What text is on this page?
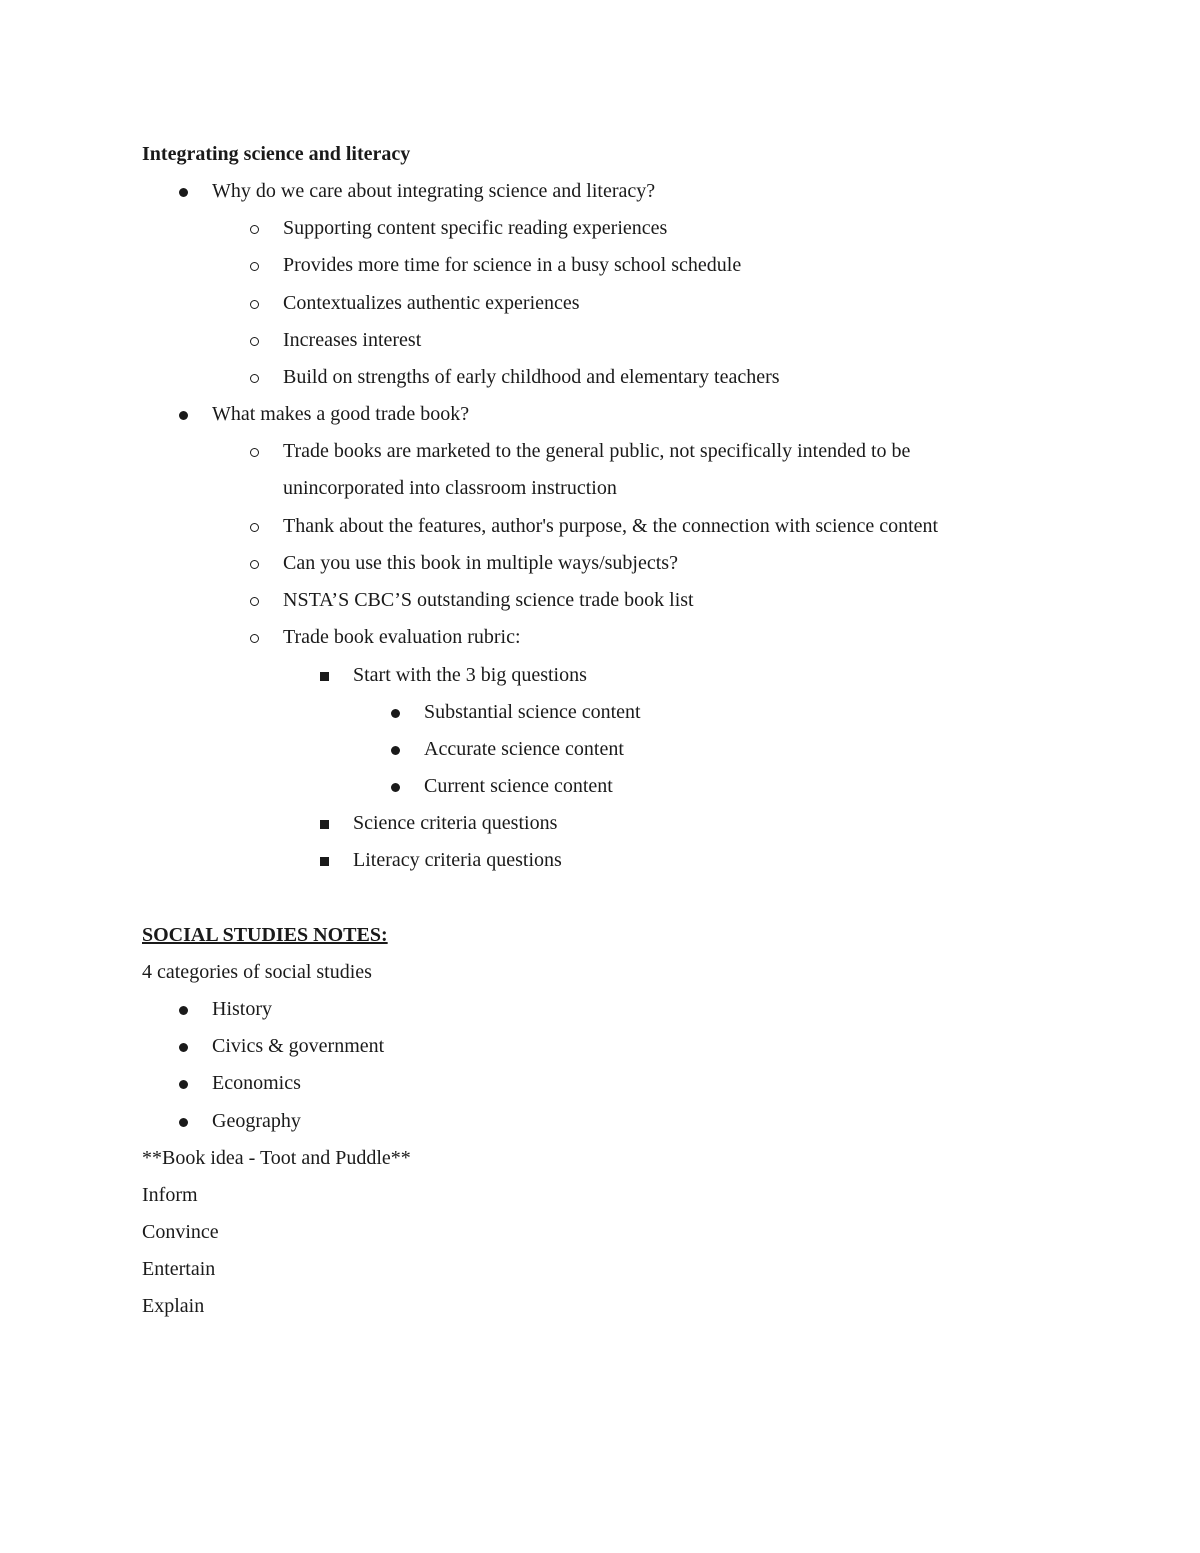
Integrating science and literacy
Why do we care about integrating science and literacy?
Supporting content specific reading experiences
Provides more time for science in a busy school schedule
Contextualizes authentic experiences
Increases interest
Build on strengths of early childhood and elementary teachers
What makes a good trade book?
Trade books are marketed to the general public, not specifically intended to be
unincorporated into classroom instruction
Thank about the features, author's purpose, & the connection with science content
Can you use this book in multiple ways/subjects?
NSTA’S CBC’S outstanding science trade book list
Trade book evaluation rubric:
Start with the 3 big questions
Substantial science content
Accurate science content
Current science content
Science criteria questions
Literacy criteria questions
SOCIAL STUDIES NOTES:
4 categories of social studies
History
Civics & government
Economics
Geography
**Book idea - Toot and Puddle**
Inform
Convince
Entertain
Explain
